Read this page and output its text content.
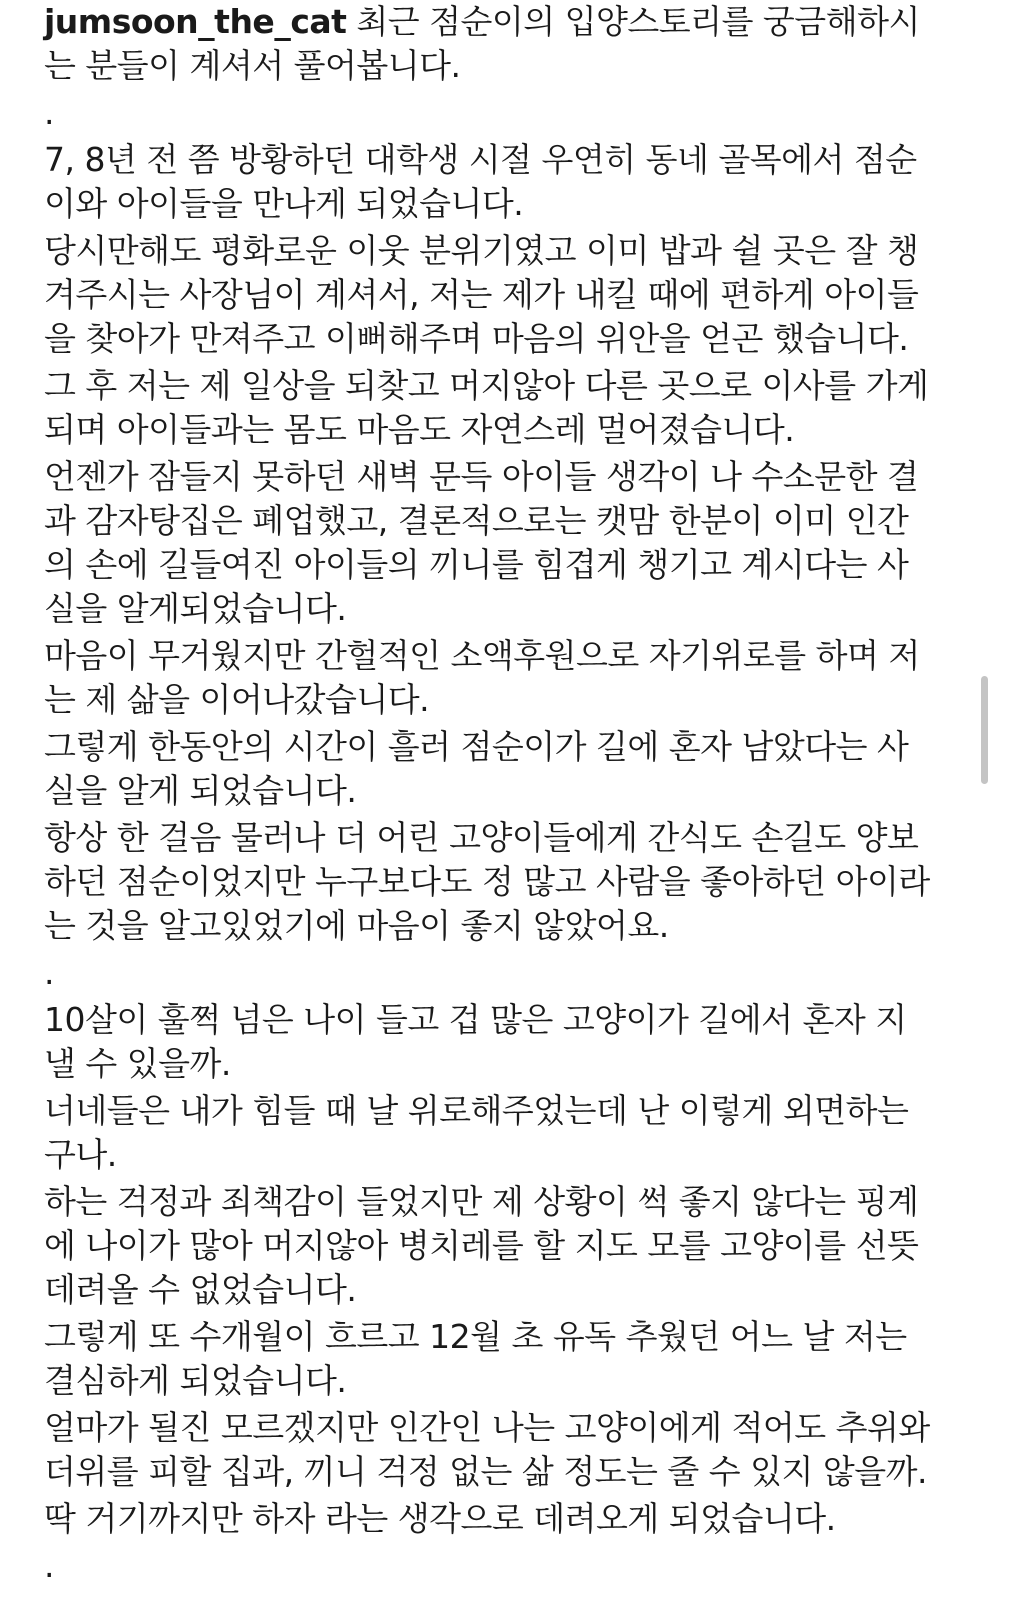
jumsoon_the_cat 최근 점순이의 입양스토리를 궁금해하시
는 분들이 계셔서 풀어봅니다.
.
7, 8년 전 쯤 방황하던 대학생 시절 우연히 동네 골목에서 점순
이와 아이들을 만나게 되었습니다.
당시만해도 평화로운 이웃 분위기였고 이미 밥과 쉴 곳은 잘 챙
겨주시는 사장님이 계셔서, 저는 제가 내킬 때에 편하게 아이들
을 찾아가 만져주고 이뻐해주며 마음의 위안을 얻곤 했습니다.
그 후 저는 제 일상을 되찾고 머지않아 다른 곳으로 이사를 가게
되며 아이들과는 몸도 마음도 자연스레 멀어졌습니다.
언젠가 잠들지 못하던 새벽 문득 아이들 생각이 나 수소문한 결
과 감자탕집은 폐업했고, 결론적으로는 캣맘 한분이 이미 인간
의 손에 길들여진 아이들의 끼니를 힘겹게 챙기고 계시다는 사
실을 알게되었습니다.
마음이 무거웠지만 간헐적인 소액후원으로 자기위로를 하며 저
는 제 삶을 이어나갔습니다.
그렇게 한동안의 시간이 흘러 점순이가 길에 혼자 남았다는 사
실을 알게 되었습니다.
항상 한 걸음 물러나 더 어린 고양이들에게 간식도 손길도 양보
하던 점순이었지만 누구보다도 정 많고 사람을 좋아하던 아이라
는 것을 알고있었기에 마음이 좋지 않았어요.
.
10살이 훌쩍 넘은 나이 들고 겁 많은 고양이가 길에서 혼자 지
낼 수 있을까.
너네들은 내가 힘들 때 날 위로해주었는데 난 이렇게 외면하는
구나.
하는 걱정과 죄책감이 들었지만 제 상황이 썩 좋지 않다는 핑계
에 나이가 많아 머지않아 병치레를 할 지도 모를 고양이를 선뜻
데려올 수 없었습니다.
그렇게 또 수개월이 흐르고 12월 초 유독 추웠던 어느 날 저는
결심하게 되었습니다.
얼마가 될진 모르겠지만 인간인 나는 고양이에게 적어도 추위와
더위를 피할 집과, 끼니 걱정 없는 삶 정도는 줄 수 있지 않을까.
딱 거기까지만 하자 라는 생각으로 데려오게 되었습니다.
.
